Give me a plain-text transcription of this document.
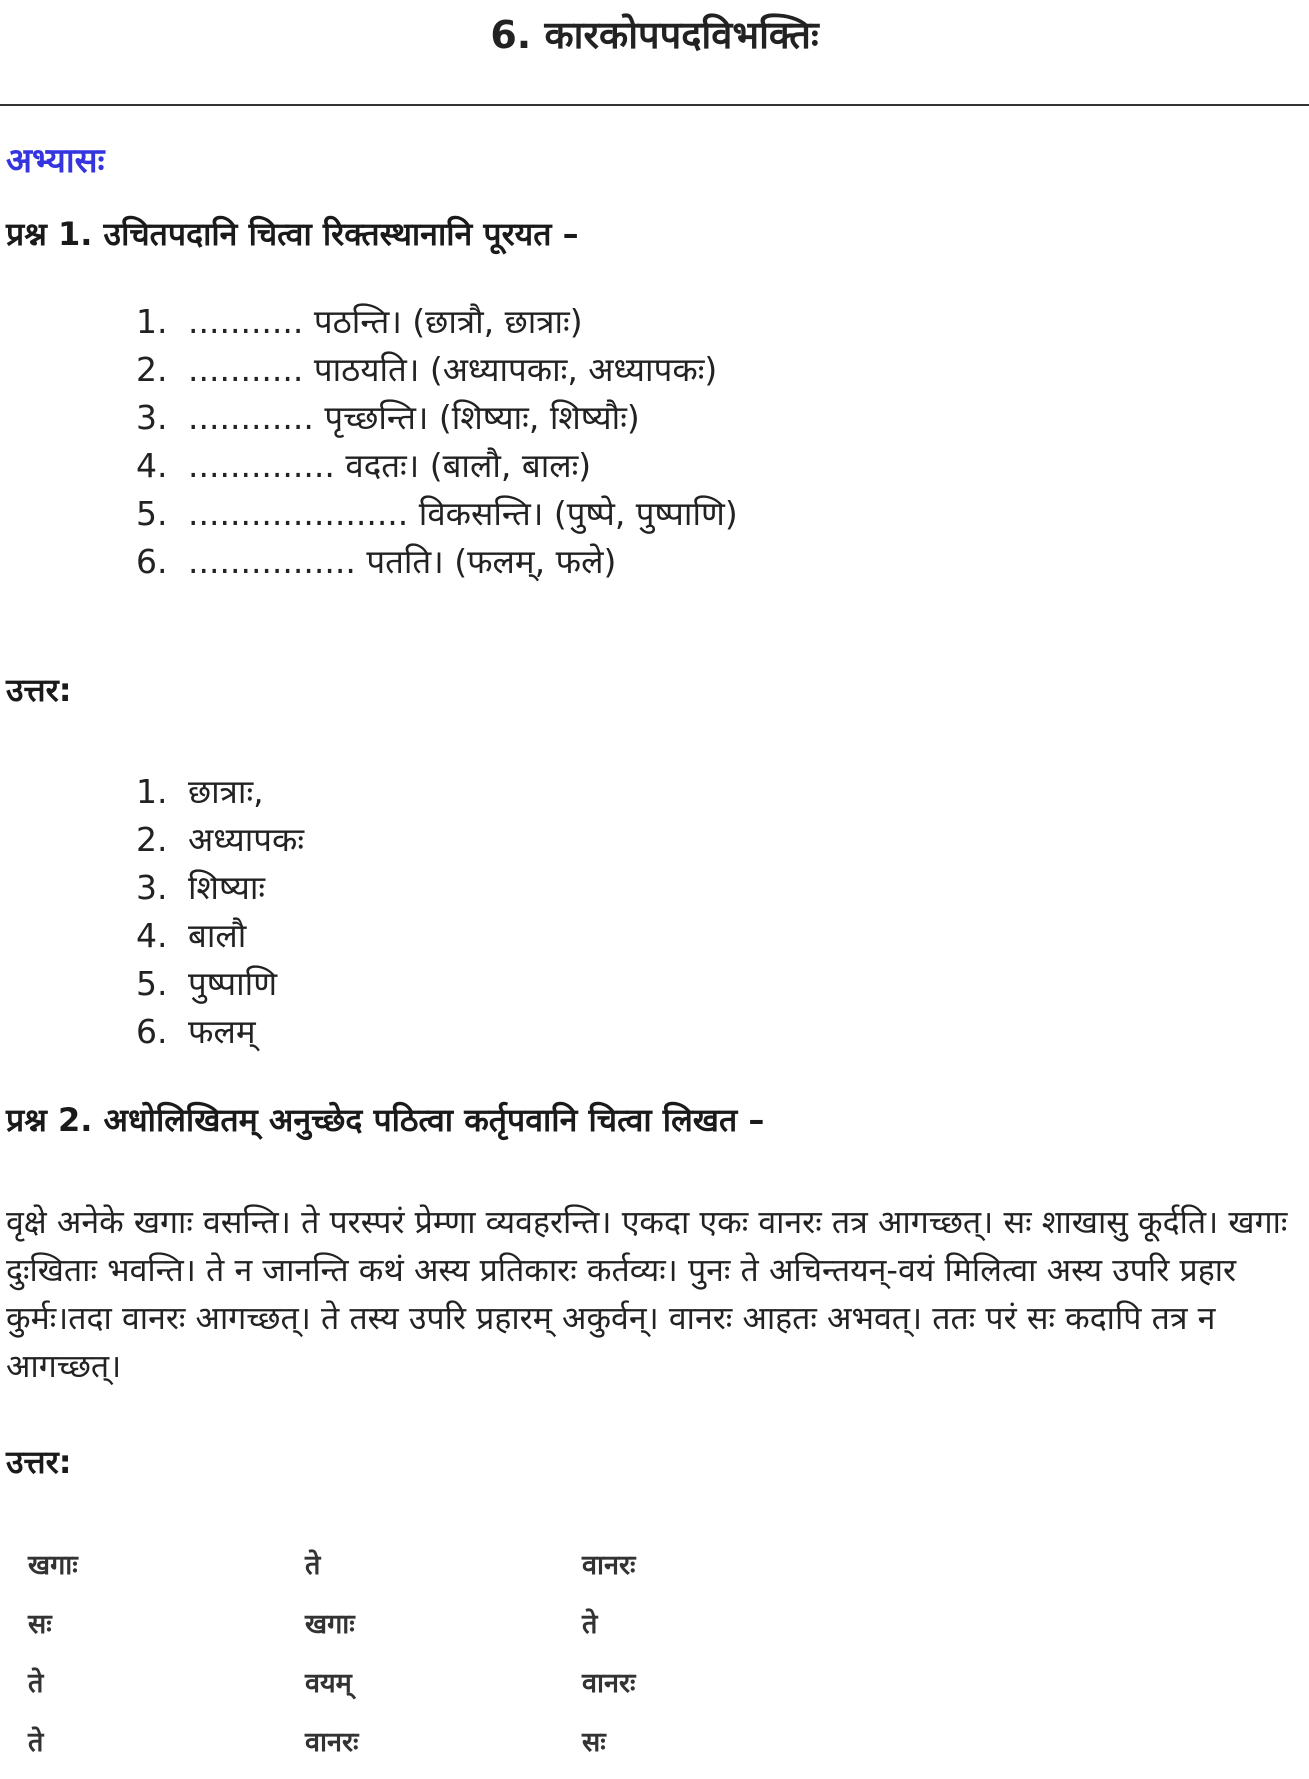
6. कारकोपपदविभक्तिः
अभ्यासः
प्रश्न 1. उचितपदानि चित्वा रिक्तस्थानानि पूरयत –
1. ........... पठन्ति। (छात्रौ, छात्राः)
2. ........... पाठयति। (अध्यापकाः, अध्यापकः)
3. ............ पृच्छन्ति। (शिष्याः, शिष्यौः)
4. .............. वदतः। (बालौ, बालः)
5. ..................... विकसन्ति। (पुष्पे, पुष्पाणि)
6. ................ पतति। (फलम्, फले)
उत्तर:
1. छात्राः,
2. अध्यापकः
3. शिष्याः
4. बालौ
5. पुष्पाणि
6. फलम्
प्रश्न 2. अधोलिखितम् अनुच्छेद पठित्वा कर्तृपवानि चित्वा लिखत –

वृक्षे अनेके खगाः वसन्ति। ते परस्परं प्रेम्णा व्यवहरन्ति। एकदा एकः वानरः तत्र आगच्छत्। सः शाखासु कूर्दति। खगाः दुःखिताः भवन्ति। ते न जानन्ति कथं अस्य प्रतिकारः कर्तव्यः। पुनः ते अचिन्तयन्-वयं मिलित्वा अस्य उपरि प्रहार कुर्मः।तदा वानरः आगच्छत्। ते तस्य उपरि प्रहारम् अकुर्वन्। वानरः आहतः अभवत्। ततः परं सः कदापि तत्र न आगच्छत्।

उत्तर:
खगाः	ते	वानरः
सः	खगाः	ते
ते	वयम्	वानरः
ते	वानरः	सः
